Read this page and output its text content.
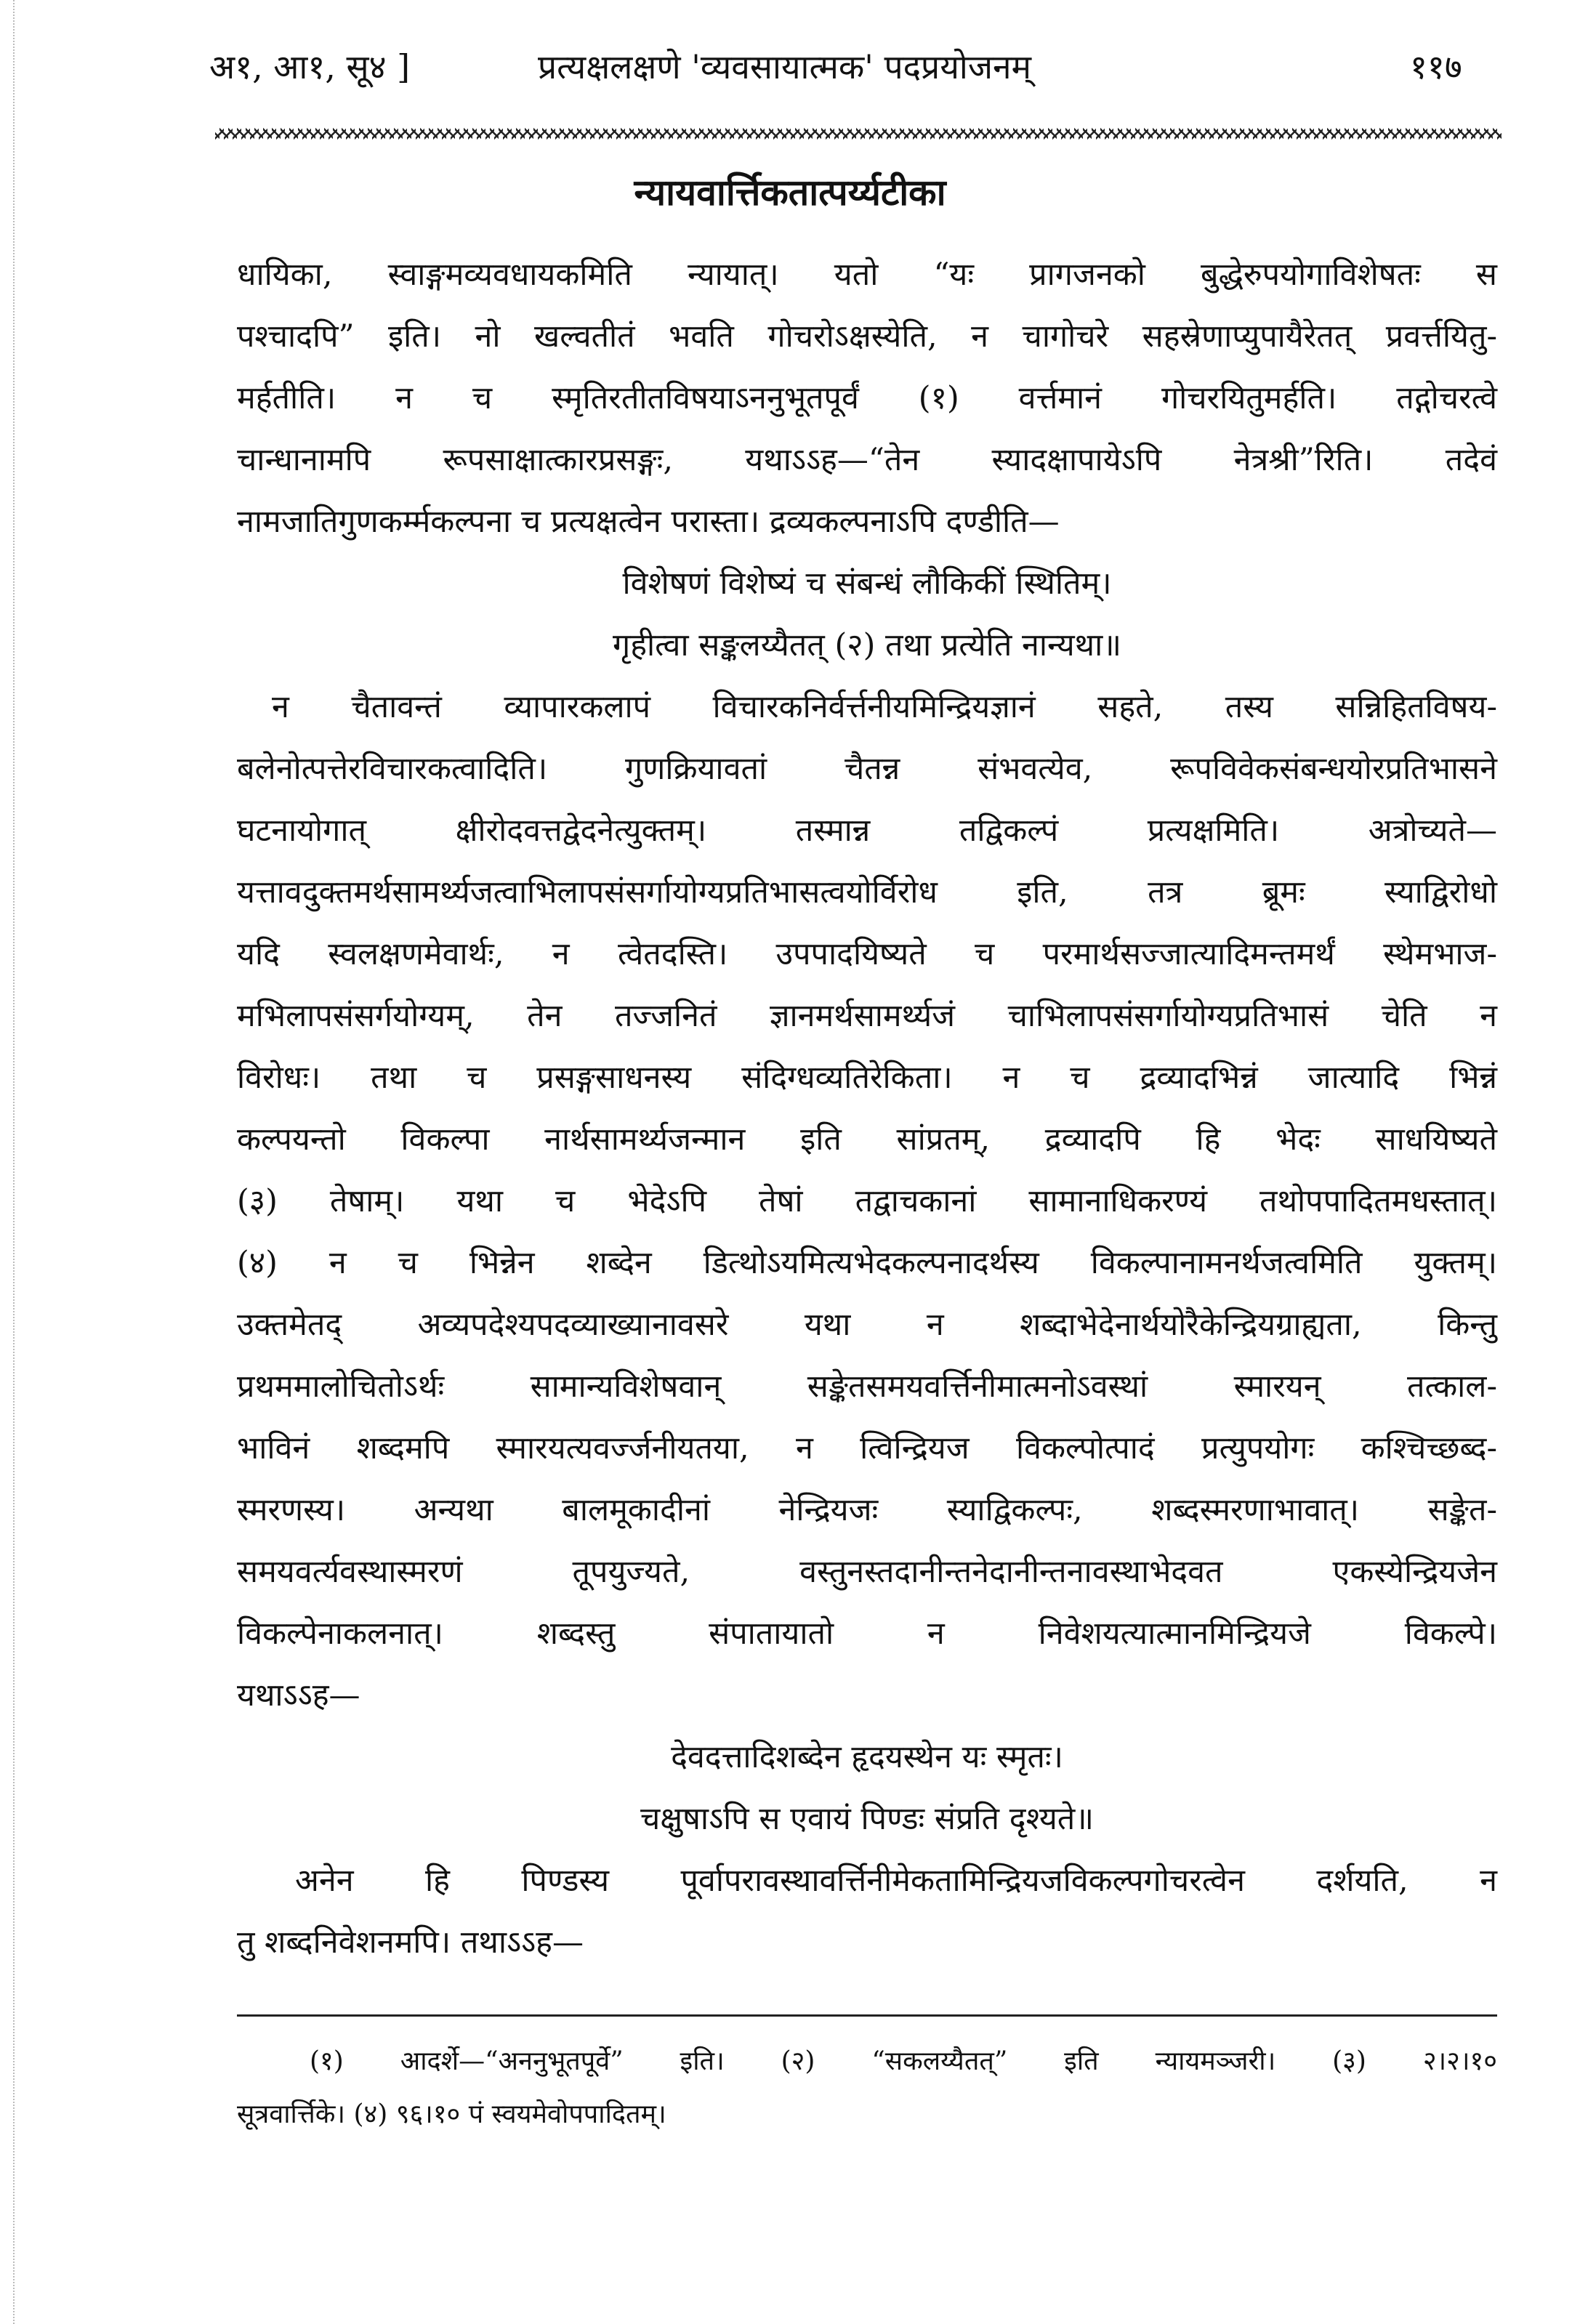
अ१, आ१, सू४ ]	प्रत्यक्षलक्षणे 'व्यवसायात्मक' पदप्रयोजनम्	११७
न्यायवार्त्तिकतात्पर्य्यटीका
धायिका, स्वाङ्गमव्यवधायकमिति न्यायात्। यतो “यः प्रागजनको बुद्धेरुपयोगाविशेषतः स
पश्चादपि” इति। नो खल्वतीतं भवति गोचरोऽक्षस्येति, न चागोचरे सहस्रेणाप्युपायैरेतत् प्रवर्त्तयितु-
मर्हतीति। न च स्मृतिरतीतविषयाऽननुभूतपूर्वं (१) वर्त्तमानं गोचरयितुमर्हति। तद्गोचरत्वे
चान्धानामपि रूपसाक्षात्कारप्रसङ्गः, यथाऽऽह—“तेन स्यादक्षापायेऽपि नेत्रश्री”रिति। तदेवं
नामजातिगुणकर्म्मकल्पना च प्रत्यक्षत्वेन परास्ता। द्रव्यकल्पनाऽपि दण्डीति—
विशेषणं विशेष्यं च संबन्धं लौकिकीं स्थितिम्।
गृहीत्वा सङ्कलय्यैतत् (२) तथा प्रत्येति नान्यथा॥
न चैतावन्तं व्यापारकलापं विचारकनिर्वर्त्तनीयमिन्द्रियज्ञानं सहते, तस्य सन्निहितविषय-
बलेनोत्पत्तेरविचारकत्वादिति। गुणक्रियावतां चैतन्न संभवत्येव, रूपविवेकसंबन्धयोरप्रतिभासने
घटनायोगात् क्षीरोदवत्तद्वेदनेत्युक्तम्। तस्मान्न तद्विकल्पं प्रत्यक्षमिति। अत्रोच्यते—
यत्तावदुक्तमर्थसामर्थ्यजत्वाभिलापसंसर्गायोग्यप्रतिभासत्वयोर्विरोध इति, तत्र ब्रूमः स्याद्विरोधो
यदि स्वलक्षणमेवार्थः, न त्वेतदस्ति। उपपादयिष्यते च परमार्थसज्जात्यादिमन्तमर्थं स्थेमभाज-
मभिलापसंसर्गयोग्यम्, तेन तज्जनितं ज्ञानमर्थसामर्थ्यजं चाभिलापसंसर्गायोग्यप्रतिभासं चेति न
विरोधः। तथा च प्रसङ्गसाधनस्य संदिग्धव्यतिरेकिता। न च द्रव्यादभिन्नं जात्यादि भिन्नं
कल्पयन्तो विकल्पा नार्थसामर्थ्यजन्मान इति सांप्रतम्, द्रव्यादपि हि भेदः साधयिष्यते
(३) तेषाम्। यथा च भेदेऽपि तेषां तद्वाचकानां सामानाधिकरण्यं तथोपपादितमधस्तात्।
(४) न च भिन्नेन शब्देन डित्थोऽयमित्यभेदकल्पनादर्थस्य विकल्पानामनर्थजत्वमिति युक्तम्।
उक्तमेतद् अव्यपदेश्यपदव्याख्यानावसरे यथा न शब्दाभेदेनार्थयोरैकेन्द्रियग्राह्यता, किन्तु
प्रथममालोचितोऽर्थः सामान्यविशेषवान् सङ्केतसमयवर्त्तिनीमात्मनोऽवस्थां स्मारयन् तत्काल-
भाविनं शब्दमपि स्मारयत्यवर्ज्जनीयतया, न त्विन्द्रियज विकल्पोत्पादं प्रत्युपयोगः कश्चिच्छब्द-
स्मरणस्य। अन्यथा बालमूकादीनां नेन्द्रियजः स्याद्विकल्पः, शब्दस्मरणाभावात्। सङ्केत-
समयवर्त्यवस्थास्मरणं तूपयुज्यते, वस्तुनस्तदानीन्तनेदानीन्तनावस्थाभेदवत एकस्येन्द्रियजेन
विकल्पेनाकलनात्। शब्दस्तु संपातायातो न निवेशयत्यात्मानमिन्द्रियजे विकल्पे।
यथाऽऽह—
देवदत्तादिशब्देन हृदयस्थेन यः स्मृतः।
चक्षुषाऽपि स एवायं पिण्डः संप्रति दृश्यते॥
अनेन हि पिण्डस्य पूर्वापरावस्थावर्त्तिनीमेकतामिन्द्रियजविकल्पगोचरत्वेन दर्शयति, न
तु शब्दनिवेशनमपि। तथाऽऽह—
(१) आदर्शे—“अननुभूतपूर्वे” इति। (२) “सकलय्यैतत्” इति न्यायमञ्जरी। (३) २।२।१०
सूत्रवार्त्तिके। (४) ९६।१० पं स्वयमेवोपपादितम्।
